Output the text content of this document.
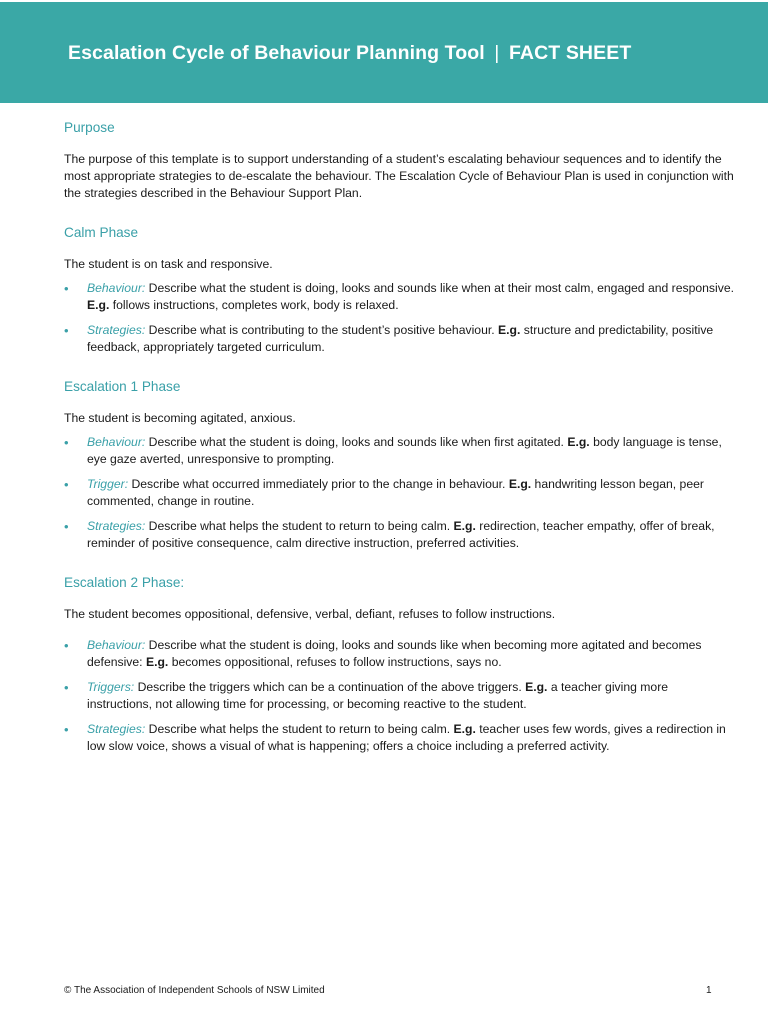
Escalation Cycle of Behaviour Planning Tool | FACT SHEET
Purpose

The purpose of this template is to support understanding of a student’s escalating behaviour sequences and to identify the most appropriate strategies to de-escalate the behaviour. The Escalation Cycle of Behaviour Plan is used in conjunction with the strategies described in the Behaviour Support Plan.

Calm Phase

The student is on task and responsive.

• Behaviour: Describe what the student is doing, looks and sounds like when at their most calm, engaged and responsive. E.g. follows instructions, completes work, body is relaxed.
• Strategies: Describe what is contributing to the student’s positive behaviour. E.g. structure and predictability, positive feedback, appropriately targeted curriculum.
Escalation 1 Phase

The student is becoming agitated, anxious.

• Behaviour: Describe what the student is doing, looks and sounds like when first agitated. E.g. body language is tense, eye gaze averted, unresponsive to prompting.
• Trigger: Describe what occurred immediately prior to the change in behaviour. E.g. handwriting lesson began, peer commented, change in routine.
• Strategies: Describe what helps the student to return to being calm. E.g. redirection, teacher empathy, offer of break, reminder of positive consequence, calm directive instruction, preferred activities.
Escalation 2 Phase:

The student becomes oppositional, defensive, verbal, defiant, refuses to follow instructions.

• Behaviour: Describe what the student is doing, looks and sounds like when becoming more agitated and becomes defensive: E.g. becomes oppositional, refuses to follow instructions, says no.
• Triggers: Describe the triggers which can be a continuation of the above triggers. E.g. a teacher giving more instructions, not allowing time for processing, or becoming reactive to the student.
• Strategies: Describe what helps the student to return to being calm. E.g. teacher uses few words, gives a redirection in low slow voice, shows a visual of what is happening; offers a choice including a preferred activity.
© The Association of Independent Schools of NSW Limited	1
